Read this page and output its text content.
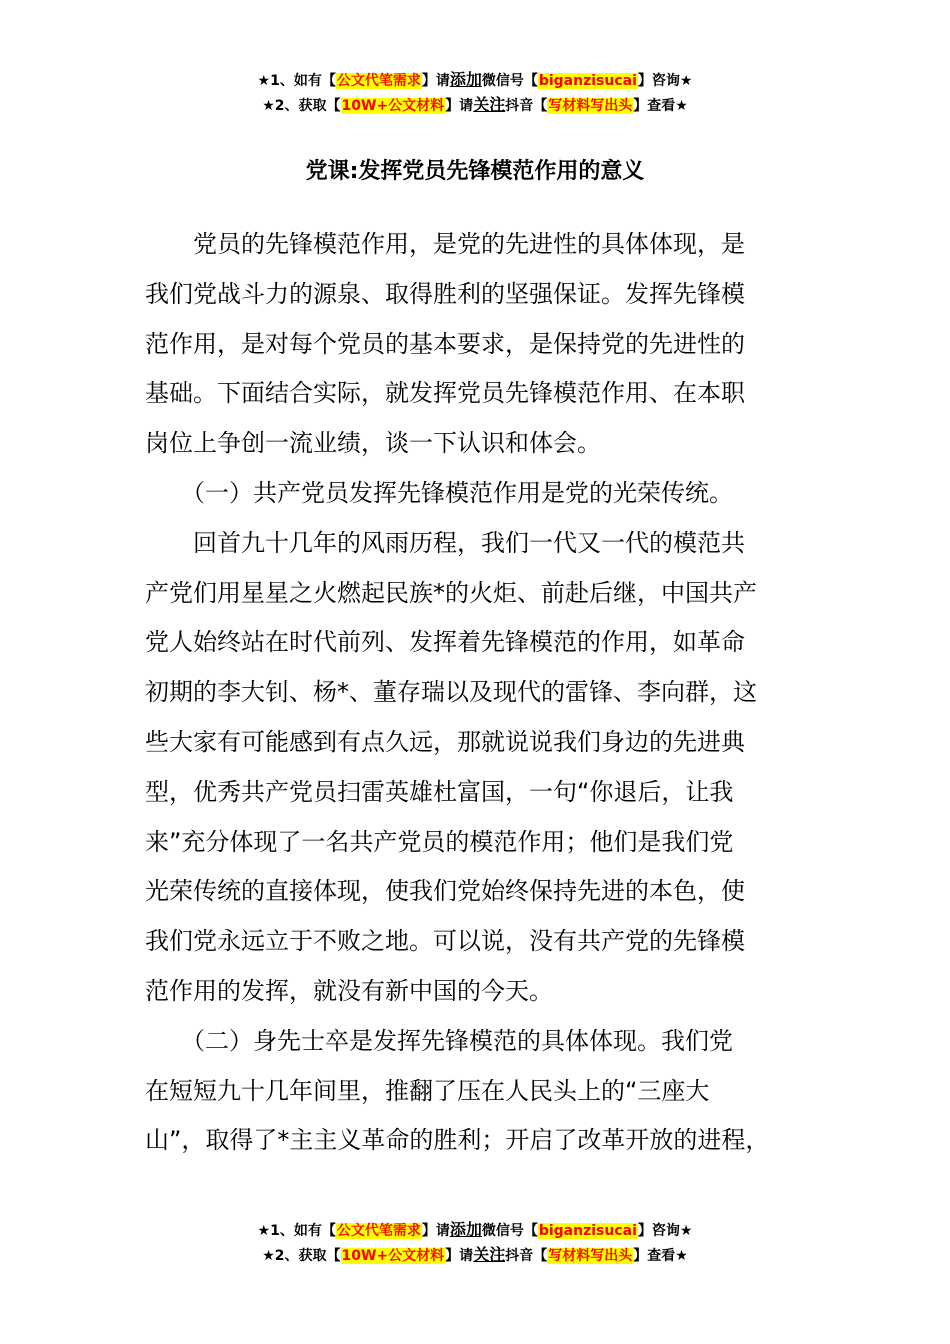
★1、如有【公文代笔需求】请添加微信号【biganzisucai】咨询★
★2、获取【10W+公文材料】请关注抖音【写材料写出头】查看★
党课:发挥党员先锋模范作用的意义

　　党员的先锋模范作用，是党的先进性的具体体现，是

我们党战斗力的源泉、取得胜利的坚强保证。发挥先锋模

范作用，是对每个党员的基本要求，是保持党的先进性的

基础。下面结合实际，就发挥党员先锋模范作用、在本职

岗位上争创一流业绩，谈一下认识和体会。

　　（一）共产党员发挥先锋模范作用是党的光荣传统。

　　回首九十几年的风雨历程，我们一代又一代的模范共

产党们用星星之火燃起民族*的火炬、前赴后继，中国共产

党人始终站在时代前列、发挥着先锋模范的作用，如革命

初期的李大钊、杨*、董存瑞以及现代的雷锋、李向群，这

些大家有可能感到有点久远，那就说说我们身边的先进典

型，优秀共产党员扫雷英雄杜富国，一句“你退后，让我

来”充分体现了一名共产党员的模范作用；他们是我们党

光荣传统的直接体现，使我们党始终保持先进的本色，使

我们党永远立于不败之地。可以说，没有共产党的先锋模

范作用的发挥，就没有新中国的今天。

　　（二）身先士卒是发挥先锋模范的具体体现。我们党

在短短九十几年间里，推翻了压在人民头上的“三座大

山”，取得了*主主义革命的胜利；开启了改革开放的进程，

★1、如有【公文代笔需求】请添加微信号【biganzisucai】咨询★
★2、获取【10W+公文材料】请关注抖音【写材料写出头】查看★
